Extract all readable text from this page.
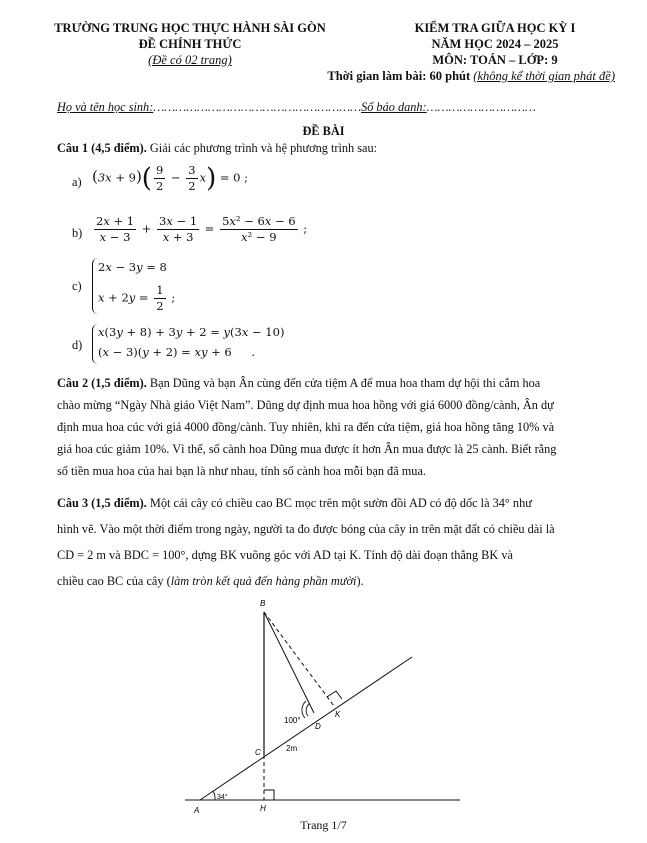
TRƯỜNG TRUNG HỌC THỰC HÀNH SÀI GÒN
ĐỀ CHÍNH THỨC
(Đề có 02 trang)
KIỂM TRA GIỮA HỌC KỲ I
NĂM HỌC 2024 – 2025
MÔN: TOÁN – LỚP: 9
Thời gian làm bài: 60 phút (không kể thời gian phát đề)
Họ và tên học sinh:…………………………………………………Số báo danh:…………………………
ĐỀ BÀI
Câu 1 (4,5 điểm). Giải các phương trình và hệ phương trình sau:
a) $(3x + 9)( \frac{9}{2} - \frac{3}{2} x) = 0$ ;
$b) \frac{2x + 1}{x - 3} + \frac{3x - 1}{x + 3} = \frac{\text{5x² − 6x − 6}}{\text{x² − 9}}$ ;
c)
2x − 3y = 8
$x + 2y = \frac{1}{2}$ ;
d)
x(3y + 8) + 3y + 2 = y(3x − 10)
(x − 3)(y + 2) = xy + 6 .
Câu 2 (1,5 điểm). Bạn Dũng và bạn Ân cùng đến cửa tiệm A để mua hoa tham dự hội thi cắm hoa
chào mừng “Ngày Nhà giáo Việt Nam”. Dũng dự định mua hoa hồng với giá 6000 đồng/cành, Ân dự
định mua hoa cúc với giá 4000 đồng/cành. Tuy nhiên, khi ra đến cửa tiệm, giá hoa hồng tăng 10% và
giá hoa cúc giảm 10%. Vì thế, số cành hoa Dũng mua được ít hơn Ân mua được là 25 cành. Biết rằng
số tiền mua hoa của hai bạn là như nhau, tính số cành hoa mỗi bạn đã mua.
Câu 3 (1,5 điểm). Một cái cây có chiều cao BC mọc trên một sườn đồi AD có độ dốc là 34° như
hình vẽ. Vào một thời điểm trong ngày, người ta đo được bóng của cây in trên mặt đất có chiều dài là
CD = 2 m và BDC = 100°, dựng BK vuông góc với AD tại K. Tính độ dài đoạn thẳng BK và
chiều cao BC của cây (làm tròn kết quả đến hàng phần mười).
B
C
D
K
A	H
100°
2m
34°
Trang 1/7
